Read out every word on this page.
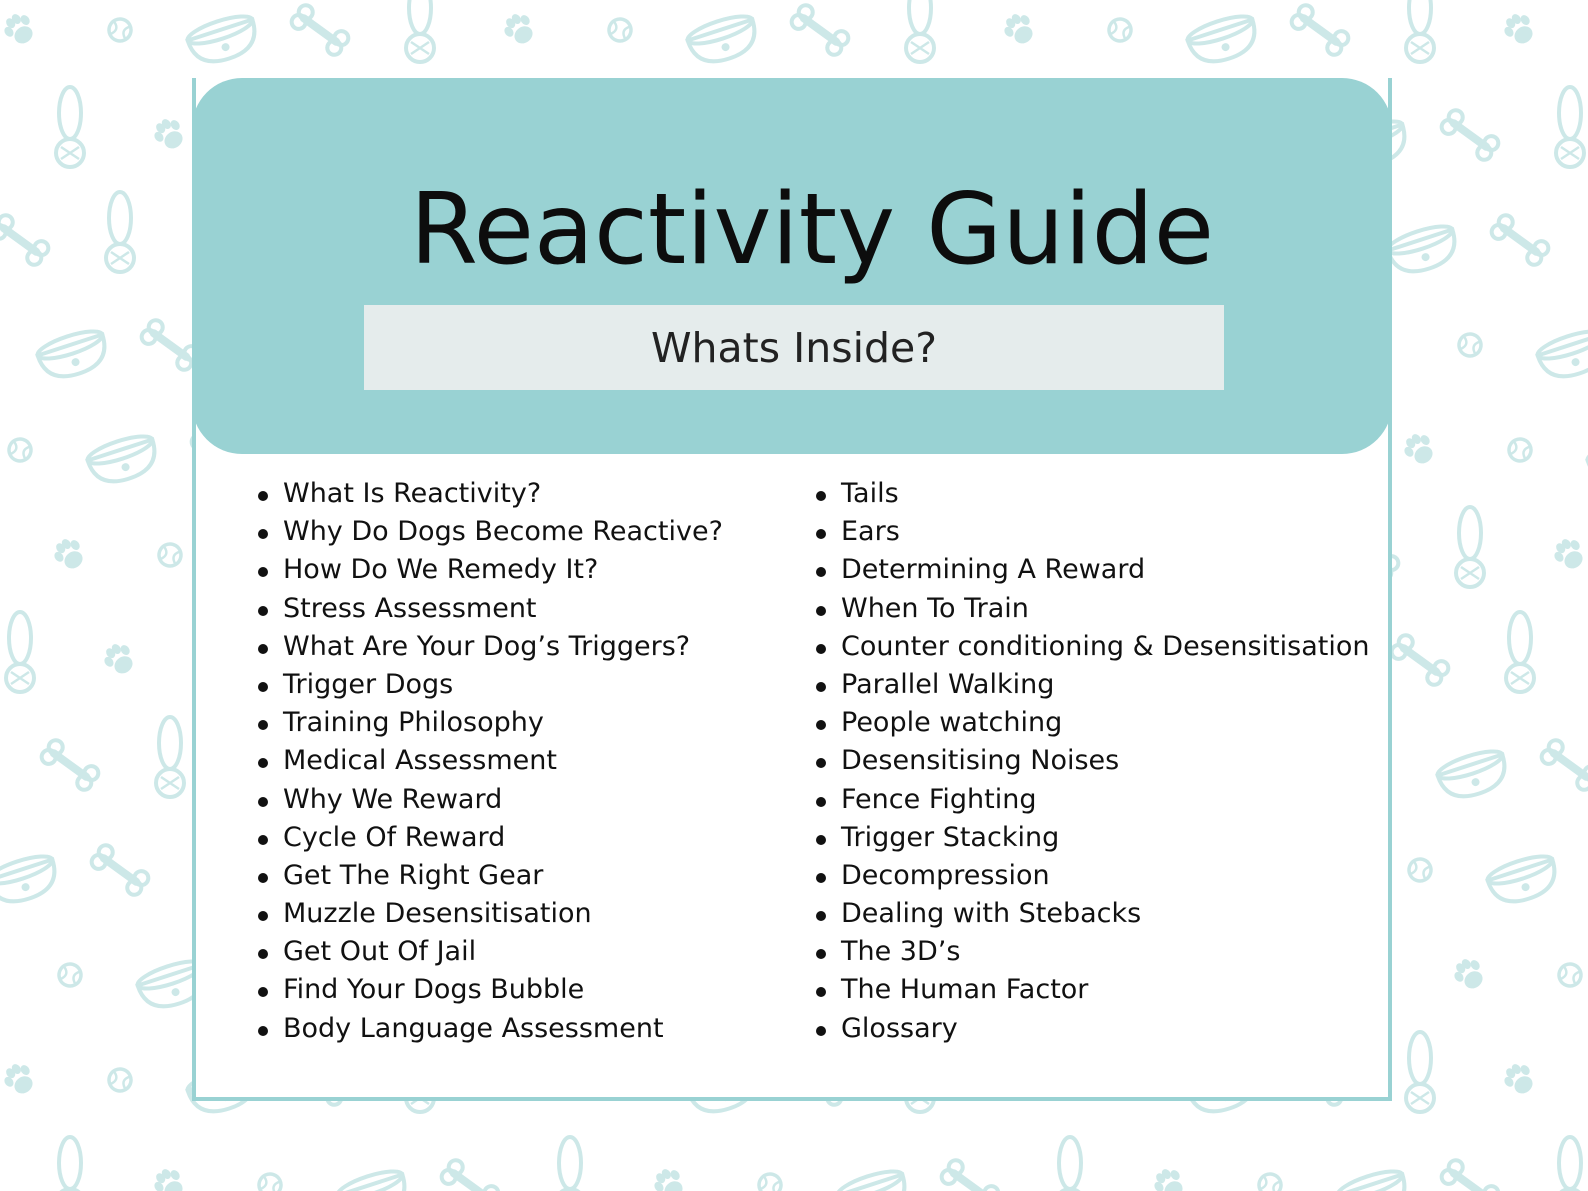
Reactivity Guide
Whats Inside?
What Is Reactivity?
Why Do Dogs Become Reactive?
How Do We Remedy It?
Stress Assessment
What Are Your Dog’s Triggers?
Trigger Dogs
Training Philosophy
Medical Assessment
Why We Reward
Cycle Of Reward
Get The Right Gear
Muzzle Desensitisation
Get Out Of Jail
Find Your Dogs Bubble
Body Language Assessment
Tails
Ears
Determining A Reward
When To Train
Counter conditioning & Desensitisation
Parallel Walking
People watching
Desensitising Noises
Fence Fighting
Trigger Stacking
Decompression
Dealing with Stebacks
The 3D’s
The Human Factor
Glossary
